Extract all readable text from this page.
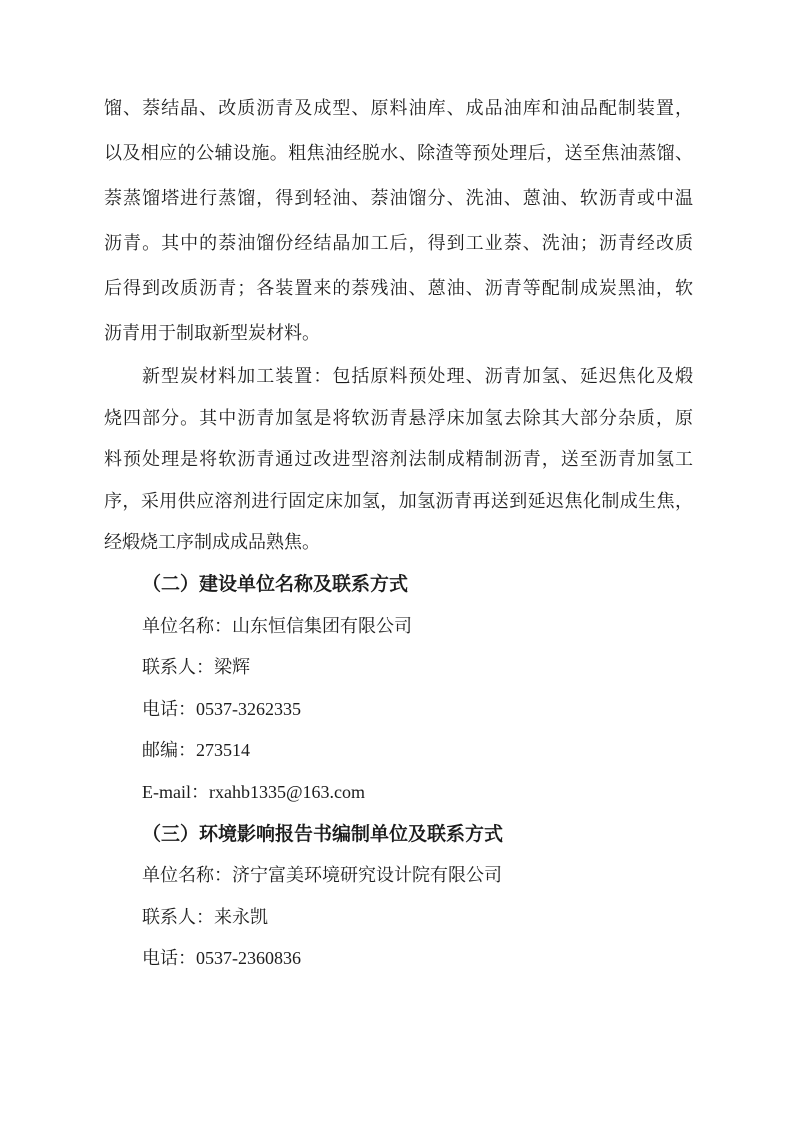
馏、萘结晶、改质沥青及成型、原料油库、成品油库和油品配制装置，
以及相应的公辅设施。粗焦油经脱水、除渣等预处理后，送至焦油蒸馏、
萘蒸馏塔进行蒸馏，得到轻油、萘油馏分、洗油、蒽油、软沥青或中温
沥青。其中的萘油馏份经结晶加工后，得到工业萘、洗油；沥青经改质
后得到改质沥青；各装置来的萘残油、蒽油、沥青等配制成炭黑油，软
沥青用于制取新型炭材料。
新型炭材料加工装置：包括原料预处理、沥青加氢、延迟焦化及煅
烧四部分。其中沥青加氢是将软沥青悬浮床加氢去除其大部分杂质，原
料预处理是将软沥青通过改进型溶剂法制成精制沥青，送至沥青加氢工
序，采用供应溶剂进行固定床加氢，加氢沥青再送到延迟焦化制成生焦，
经煅烧工序制成成品熟焦。
（二）建设单位名称及联系方式
单位名称：山东恒信集团有限公司
联系人：梁辉
电话：0537-3262335
邮编：273514
E-mail：rxahb1335@163.com
（三）环境影响报告书编制单位及联系方式
单位名称：济宁富美环境研究设计院有限公司
联系人：来永凯
电话：0537-2360836
